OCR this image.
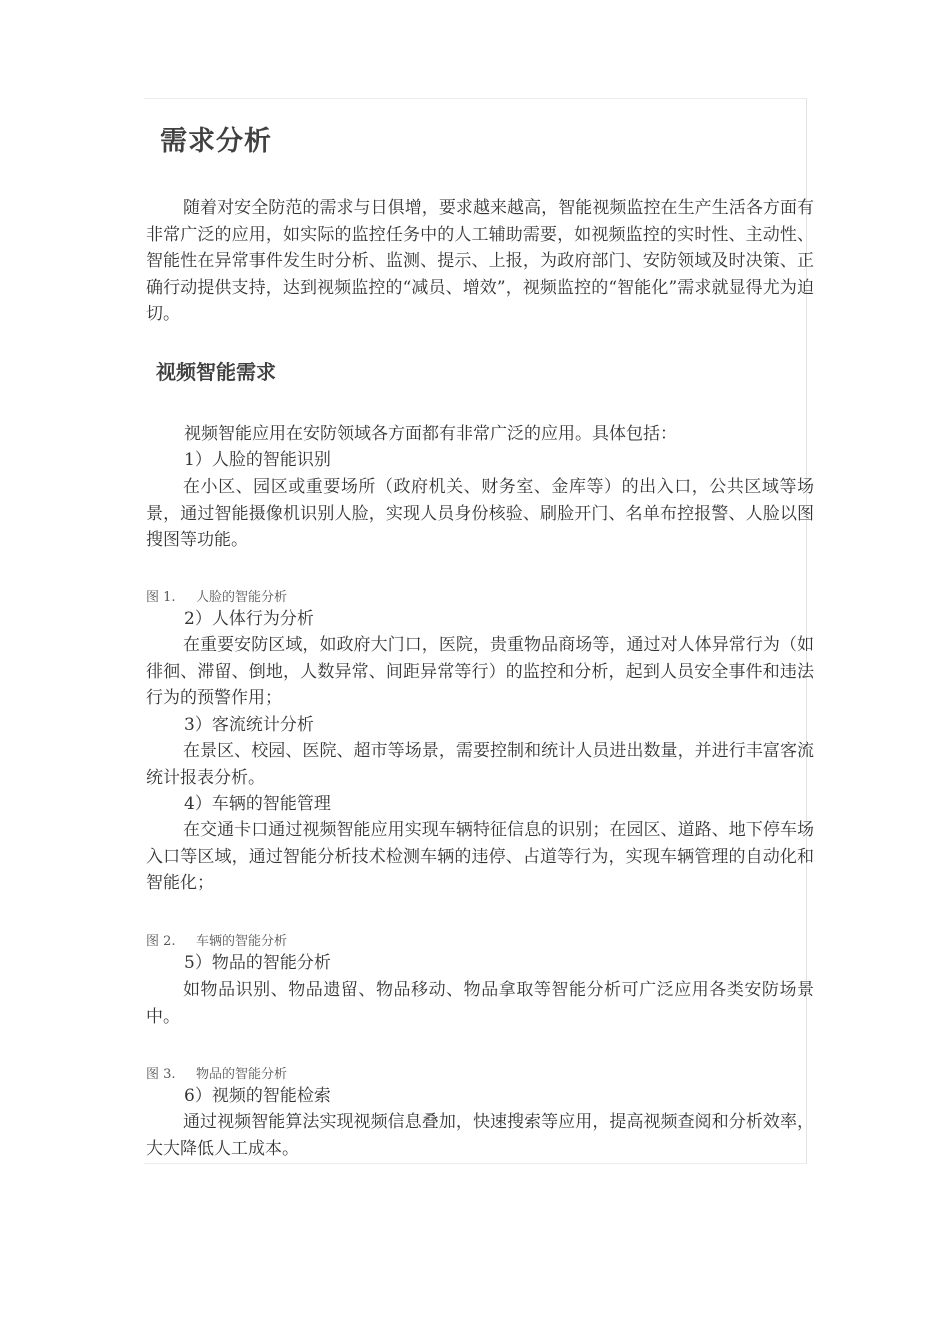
需求分析

随着对安全防范的需求与日俱增，要求越来越高，智能视频监控在生产生活各方面有非常广泛的应用，如实际的监控任务中的人工辅助需要，如视频监控的实时性、主动性、智能性在异常事件发生时分析、监测、提示、上报，为政府部门、安防领域及时决策、正确行动提供支持，达到视频监控的“减员、增效”，视频监控的“智能化”需求就显得尤为迫切。

视频智能需求
视频智能应用在安防领域各方面都有非常广泛的应用。具体包括：
1）人脸的智能识别

在小区、园区或重要场所（政府机关、财务室、金库等）的出入口，公共区域等场景，通过智能摄像机识别人脸，实现人员身份核验、刷脸开门、名单布控报警、人脸以图搜图等功能。

图 1. 人脸的智能分析
2）人体行为分析

在重要安防区域，如政府大门口，医院，贵重物品商场等，通过对人体异常行为（如徘徊、滞留、倒地，人数异常、间距异常等行）的监控和分析，起到人员安全事件和违法行为的预警作用；

3）客流统计分析

在景区、校园、医院、超市等场景，需要控制和统计人员进出数量，并进行丰富客流统计报表分析。

4）车辆的智能管理

在交通卡口通过视频智能应用实现车辆特征信息的识别；在园区、道路、地下停车场入口等区域，通过智能分析技术检测车辆的违停、占道等行为，实现车辆管理的自动化和智能化；

图 2. 车辆的智能分析
5）物品的智能分析

如物品识别、物品遗留、物品移动、物品拿取等智能分析可广泛应用各类安防场景中。

图 3. 物品的智能分析
6）视频的智能检索

通过视频智能算法实现视频信息叠加，快速搜索等应用，提高视频查阅和分析效率，大大降低人工成本。
